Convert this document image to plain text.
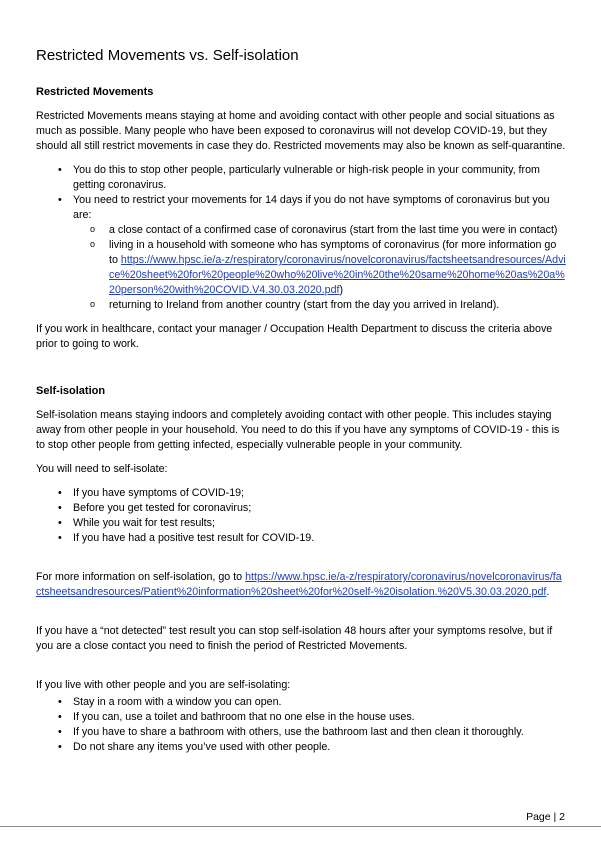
Restricted Movements vs. Self-isolation
Restricted Movements

Restricted Movements means staying at home and avoiding contact with other people and social situations as much as possible. Many people who have been exposed to coronavirus will not develop COVID-19, but they should all still restrict movements in case they do. Restricted movements may also be known as self-quarantine.

• You do this to stop other people, particularly vulnerable or high-risk people in your community, from getting coronavirus.
• You need to restrict your movements for 14 days if you do not have symptoms of coronavirus but you are:
o a close contact of a confirmed case of coronavirus (start from the last time you were in contact)
o living in a household with someone who has symptoms of coronavirus (for more information go to https://www.hpsc.ie/a-z/respiratory/coronavirus/novelcoronavirus/factsheetsandresources/Advice%20sheet%20for%20people%20who%20live%20in%20the%20same%20home%20as%20a%20person%20with%20COVID.V4.30.03.2020.pdf)
o returning to Ireland from another country (start from the day you arrived in Ireland).

If you work in healthcare, contact your manager / Occupation Health Department to discuss the criteria above prior to going to work.

Self-isolation

Self-isolation means staying indoors and completely avoiding contact with other people. This includes staying away from other people in your household. You need to do this if you have any symptoms of COVID-19 - this is to stop other people from getting infected, especially vulnerable people in your community.

You will need to self-isolate:

• If you have symptoms of COVID-19;
• Before you get tested for coronavirus;
• While you wait for test results;
• If you have had a positive test result for COVID-19.

For more information on self-isolation, go to https://www.hpsc.ie/a-z/respiratory/coronavirus/novelcoronavirus/factsheetsandresources/Patient%20information%20sheet%20for%20self-%20isolation.%20V5.30.03.2020.pdf.

If you have a “not detected” test result you can stop self-isolation 48 hours after your symptoms resolve, but if you are a close contact you need to finish the period of Restricted Movements.

If you live with other people and you are self-isolating:

• Stay in a room with a window you can open.
• If you can, use a toilet and bathroom that no one else in the house uses.
• If you have to share a bathroom with others, use the bathroom last and then clean it thoroughly.
• Do not share any items you’ve used with other people.
Page | 2
